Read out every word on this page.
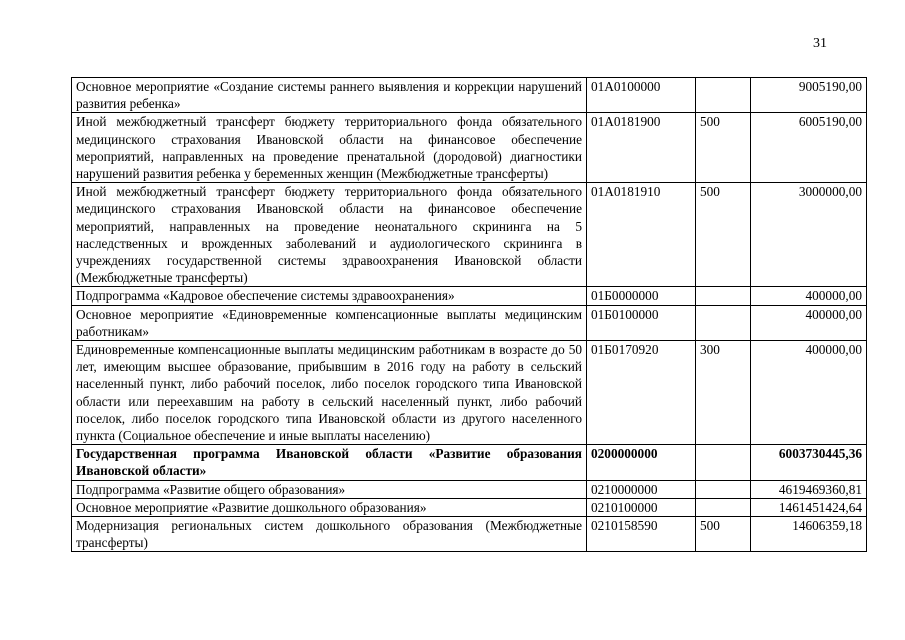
31
Основное мероприятие «Создание системы раннего выявления и коррекции нарушений развития ребенка»	01А0100000		9005190,00
Иной межбюджетный трансферт бюджету территориального фонда обязательного медицинского страхования Ивановской области на финансовое обеспечение мероприятий, направленных на проведение пренатальной (дородовой) диагностики нарушений развития ребенка у беременных женщин (Межбюджетные трансферты)	01А0181900	500	6005190,00
Иной межбюджетный трансферт бюджету территориального фонда обязательного медицинского страхования Ивановской области на финансовое обеспечение мероприятий, направленных на проведение неонатального скрининга на 5 наследственных и врожденных заболеваний и аудиологического скрининга в учреждениях государственной системы здравоохранения Ивановской области (Межбюджетные трансферты)	01А0181910	500	3000000,00
Подпрограмма «Кадровое обеспечение системы здравоохранения»	01Б0000000		400000,00
Основное мероприятие «Единовременные компенсационные выплаты медицинским работникам»	01Б0100000		400000,00
Единовременные компенсационные выплаты медицинским работникам в возрасте до 50 лет, имеющим высшее образование, прибывшим в 2016 году на работу в сельский населенный пункт, либо рабочий поселок, либо поселок городского типа Ивановской области или переехавшим на работу в сельский населенный пункт, либо рабочий поселок, либо поселок городского типа Ивановской области из другого населенного пункта (Социальное обеспечение и иные выплаты населению)	01Б0170920	300	400000,00
Государственная программа Ивановской области «Развитие образования Ивановской области»	0200000000		6003730445,36
Подпрограмма «Развитие общего образования»	0210000000		4619469360,81
Основное мероприятие «Развитие дошкольного образования»	0210100000		1461451424,64
Модернизация региональных систем дошкольного образования (Межбюджетные трансферты)	0210158590	500	14606359,18
